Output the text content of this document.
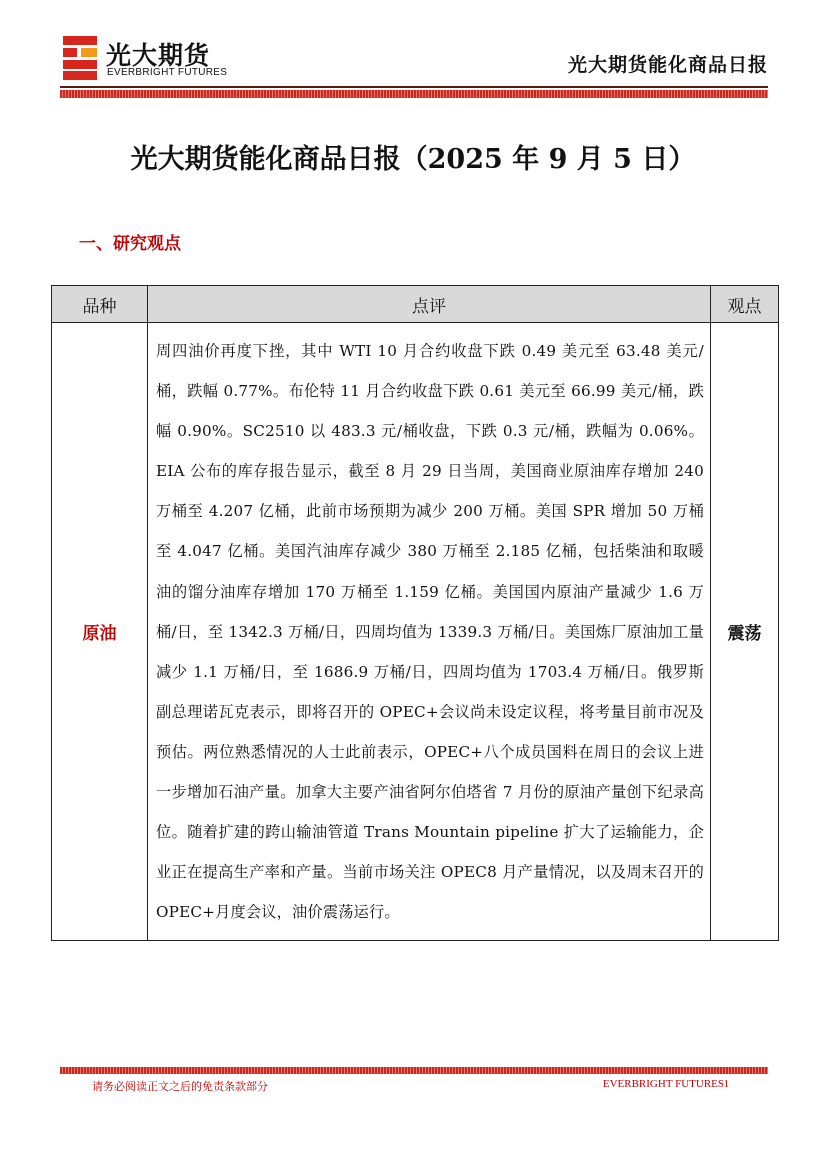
光大期货
EVERBRIGHT FUTURES	光大期货能化商品日报
光大期货能化商品日报（2025 年 9 月 5 日）
一、研究观点
品种	点评	观点
原油	周四油价再度下挫，其中 WTI 10 月合约收盘下跌 0.49 美元至 63.48 美元/桶，跌幅 0.77%。布伦特 11 月合约收盘下跌 0.61 美元至 66.99 美元/桶，跌幅 0.90%。SC2510 以 483.3 元/桶收盘，下跌 0.3 元/桶，跌幅为 0.06%。EIA 公布的库存报告显示，截至 8 月 29 日当周，美国商业原油库存增加 240 万桶至 4.207 亿桶，此前市场预期为减少 200 万桶。美国 SPR 增加 50 万桶至 4.047 亿桶。美国汽油库存减少 380 万桶至 2.185 亿桶，包括柴油和取暖油的馏分油库存增加 170 万桶至 1.159 亿桶。美国国内原油产量减少 1.6 万桶/日，至 1342.3 万桶/日，四周均值为 1339.3 万桶/日。美国炼厂原油加工量减少 1.1 万桶/日，至 1686.9 万桶/日，四周均值为 1703.4 万桶/日。俄罗斯副总理诺瓦克表示，即将召开的 OPEC+会议尚未设定议程，将考量目前市况及预估。两位熟悉情况的人士此前表示，OPEC+八个成员国料在周日的会议上进一步增加石油产量。加拿大主要产油省阿尔伯塔省 7 月份的原油产量创下纪录高位。随着扩建的跨山输油管道 Trans Mountain pipeline 扩大了运输能力，企业正在提高生产率和产量。当前市场关注 OPEC8 月产量情况，以及周末召开的 OPEC+月度会议，油价震荡运行。	震荡
请务必阅读正文之后的免责条款部分	EVERBRIGHT FUTURES 1
